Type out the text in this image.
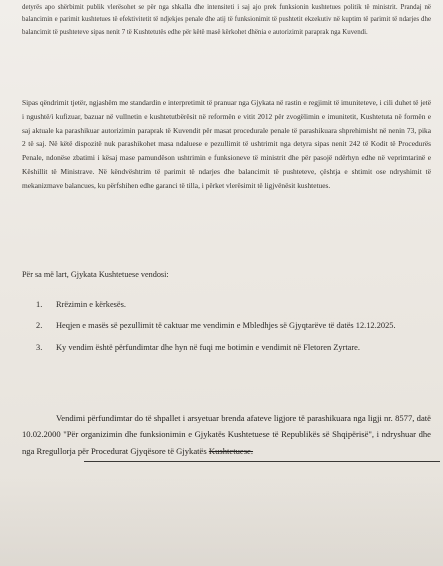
detyrës apo shërbimit publik vlerësohet se për nga shkalla dhe intensiteti i saj ajo prek funksionin kushtetues politik të ministrit. Prandaj në balancimin e parimit kushtetues të efektivitetit të ndjekjes penale dhe atij të funksionimit të pushtetit ekzekutiv në kuptim të parimit të ndarjes dhe balancimit të pushteteve sipas nenit 7 të Kushtetutës edhe për këtë masë kërkohet dhënia e autorizimit paraprak nga Kuvendi.

Sipas qëndrimit tjetër, ngjashëm me standardin e interpretimit të pranuar nga Gjykata në rastin e regjimit të imuniteteve, i cili duhet të jetë i ngushtë/i kufizuar, bazuar në vullnetin e kushtetutbërësit në reformën e vitit 2012 për zvogëlimin e imunitetit, Kushtetuta në formën e saj aktuale ka parashikuar autorizimin paraprak të Kuvendit për masat procedurale penale të parashikuara shprehimisht në nenin 73, pika 2 të saj. Në këtë dispozitë nuk parashikohet masa ndaluese e pezullimit të ushtrimit nga detyra sipas nenit 242 të Kodit të Procedurës Penale, ndonëse zbatimi i kësaj mase pamundëson ushtrimin e funksioneve të ministrit dhe për pasojë ndërhyn edhe në veprimtarinë e Këshillit të Ministrave. Në këndvështrim të parimit të ndarjes dhe balancimit të pushteteve, çështja e shtimit ose ndryshimit të mekanizmave balancues, ku përfshihen edhe garanci të tilla, i përket vlerësimit të ligjvënësit kushtetues.

Për sa më lart, Gjykata Kushtetuese vendosi:

1. Rrëzimin e kërkesës.
2. Heqjen e masës së pezullimit të caktuar me vendimin e Mbledhjes së Gjyqtarëve të datës 12.12.2025.
3. Ky vendim është përfundimtar dhe hyn në fuqi me botimin e vendimit në Fletoren Zyrtare.

Vendimi përfundimtar do të shpallet i arsyetuar brenda afateve ligjore të parashikuara nga ligji nr. 8577, datë 10.02.2000 "Për organizimin dhe funksionimin e Gjykatës Kushtetuese të Republikës së Shqipërisë", i ndryshuar dhe nga Rregullorja për Procedurat Gjyqësore të Gjykatës Kushtetuese.
